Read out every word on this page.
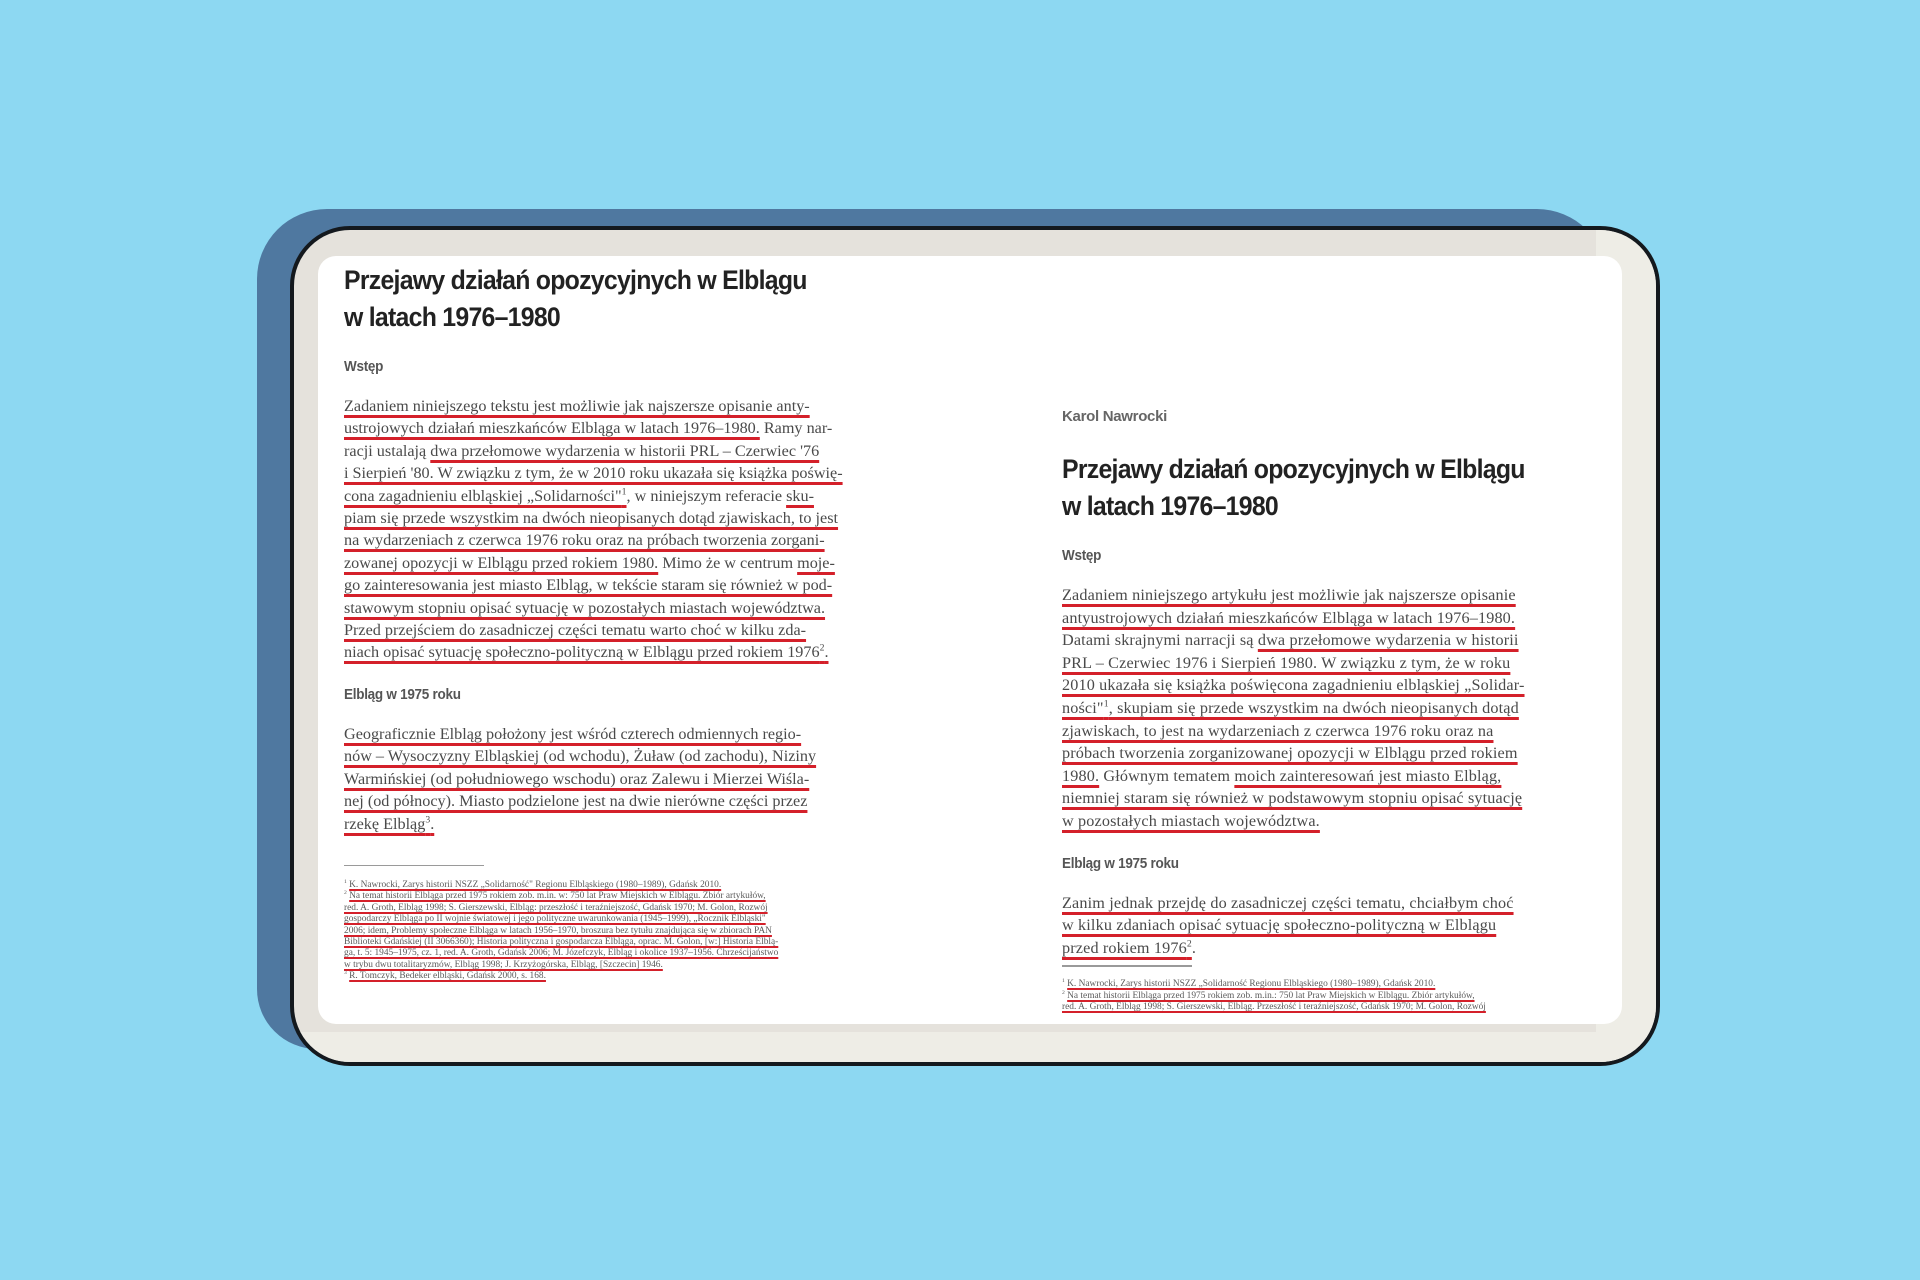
Przejawy działań opozycyjnych w Elblągu
w latach 1976–1980
Wstęp

Zadaniem niniejszego tekstu jest możliwie jak najszersze opisanie anty-
ustrojowych działań mieszkańców Elbląga w latach 1976–1980. Ramy nar-
racji ustalają dwa przełomowe wydarzenia w historii PRL – Czerwiec '76
i Sierpień '80. W związku z tym, że w 2010 roku ukazała się książka poświę-
cona zagadnieniu elbląskiej „Solidarności"$^1$, w niniejszym referacie sku-
piam się przede wszystkim na dwóch nieopisanych dotąd zjawiskach, to jest
na wydarzeniach z czerwca 1976 roku oraz na próbach tworzenia zorgani-
zowanej opozycji w Elblągu przed rokiem 1980. Mimo że w centrum moje-
go zainteresowania jest miasto Elbląg, w tekście staram się również w pod-
stawowym stopniu opisać sytuację w pozostałych miastach województwa.
Przed przejściem do zasadniczej części tematu warto choć w kilku zda-
niach opisać sytuację społeczno-polityczną w Elblągu przed rokiem 1976$^2$.

Elbląg w 1975 roku

Geograficznie Elbląg położony jest wśród czterech odmiennych regio-
nów – Wysoczyzny Elbląskiej (od wchodu), Żuław (od zachodu), Niziny
Warmińskiej (od południowego wschodu) oraz Zalewu i Mierzei Wiśla-
nej (od północy). Miasto podzielone jest na dwie nierówne części przez
rzekę Elbląg$^3$.

$^1$ K. Nawrocki, Zarys historii NSZZ „Solidarność" Regionu Elbląskiego (1980–1989), Gdańsk 2010.
$^2$ Na temat historii Elbląga przed 1975 rokiem zob. m.in. w: 750 lat Praw Miejskich w Elblągu. Zbiór artykułów,
red. A. Groth, Elbląg 1998; S. Gierszewski, Elbląg: przeszłość i teraźniejszość, Gdańsk 1970; M. Golon, Rozwój
gospodarczy Elbląga po II wojnie światowej i jego polityczne uwarunkowania (1945–1999), „Rocznik Elbląski"
2006; idem, Problemy społeczne Elbląga w latach 1956–1970, broszura bez tytułu znajdująca się w zbiorach PAN
Biblioteki Gdańskiej (II 3066360); Historia polityczna i gospodarcza Elbląga, oprac. M. Golon, [w:] Historia Elblą-
ga, t. 5: 1945–1975, cz. 1, red. A. Groth, Gdańsk 2006; M. Józefczyk, Elbląg i okolice 1937–1956. Chrześcijaństwo
w trybu dwu totalitaryzmów, Elbląg 1998; J. Krzyżogórska, Elbląg, [Szczecin] 1946.
$^3$ R. Tomczyk, Bedeker elbląski, Gdańsk 2000, s. 168.
Karol Nawrocki
Przejawy działań opozycyjnych w Elblągu
w latach 1976–1980
Wstęp

Zadaniem niniejszego artykułu jest możliwie jak najszersze opisanie
antyustrojowych działań mieszkańców Elbląga w latach 1976–1980.
Datami skrajnymi narracji są dwa przełomowe wydarzenia w historii
PRL – Czerwiec 1976 i Sierpień 1980. W związku z tym, że w roku
2010 ukazała się książka poświęcona zagadnieniu elbląskiej „Solidar-
ności"$^1$, skupiam się przede wszystkim na dwóch nieopisanych dotąd
zjawiskach, to jest na wydarzeniach z czerwca 1976 roku oraz na
próbach tworzenia zorganizowanej opozycji w Elblągu przed rokiem
1980. Głównym tematem moich zainteresowań jest miasto Elbląg,
niemniej staram się również w podstawowym stopniu opisać sytuację
w pozostałych miastach województwa.

Elbląg w 1975 roku

Zanim jednak przejdę do zasadniczej części tematu, chciałbym choć
w kilku zdaniach opisać sytuację społeczno-polityczną w Elblągu
przed rokiem 1976$^2$.

$^1$ K. Nawrocki, Zarys historii NSZZ „Solidarność Regionu Elbląskiego (1980–1989), Gdańsk 2010.
$^2$ Na temat historii Elbląga przed 1975 rokiem zob. m.in.: 750 lat Praw Miejskich w Elblągu. Zbiór artykułów,
red. A. Groth, Elbląg 1998; S. Gierszewski, Elbląg. Przeszłość i teraźniejszość, Gdańsk 1970; M. Golon, Rozwój
